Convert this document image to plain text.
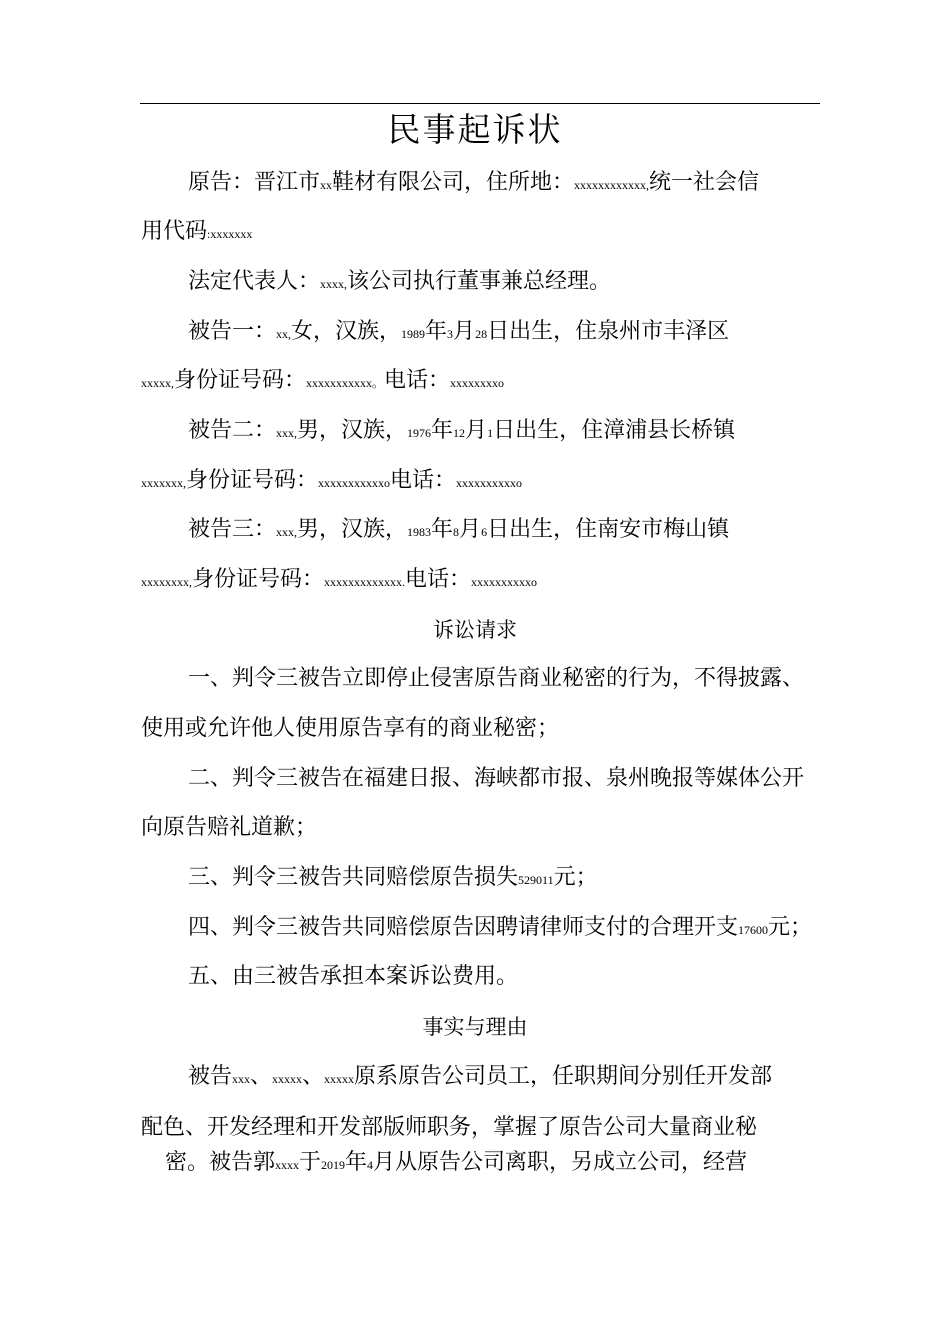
民事起诉状
原告：晋江市xx鞋材有限公司，住所地：xxxxxxxxxxxx,统一社会信
用代码:xxxxxxx
法定代表人：xxxx,该公司执行董事兼总经理。
被告一：xx,女，汉族，1989年3月28日出生，住泉州市丰泽区
xxxxx,身份证号码：xxxxxxxxxxx。电话：xxxxxxxxo
被告二：xxx,男，汉族，1976年12月1日出生，住漳浦县长桥镇
xxxxxxx,身份证号码：xxxxxxxxxxxo电话：xxxxxxxxxxo
被告三：xxx,男，汉族，1983年8月6日出生，住南安市梅山镇
xxxxxxxx,身份证号码：xxxxxxxxxxxxx.电话：xxxxxxxxxxo
诉讼请求
一、判令三被告立即停止侵害原告商业秘密的行为，不得披露、
使用或允许他人使用原告享有的商业秘密；
二、判令三被告在福建日报、海峡都市报、泉州晚报等媒体公开
向原告赔礼道歉；
三、判令三被告共同赔偿原告损失529011元；
四、判令三被告共同赔偿原告因聘请律师支付的合理开支17600元；
五、由三被告承担本案诉讼费用。
事实与理由
被告xxx、xxxxx、xxxxx原系原告公司员工，任职期间分别任开发部
配色、开发经理和开发部版师职务，掌握了原告公司大量商业秘
密。被告郭xxxx于2019年4月从原告公司离职，另成立公司，经营
